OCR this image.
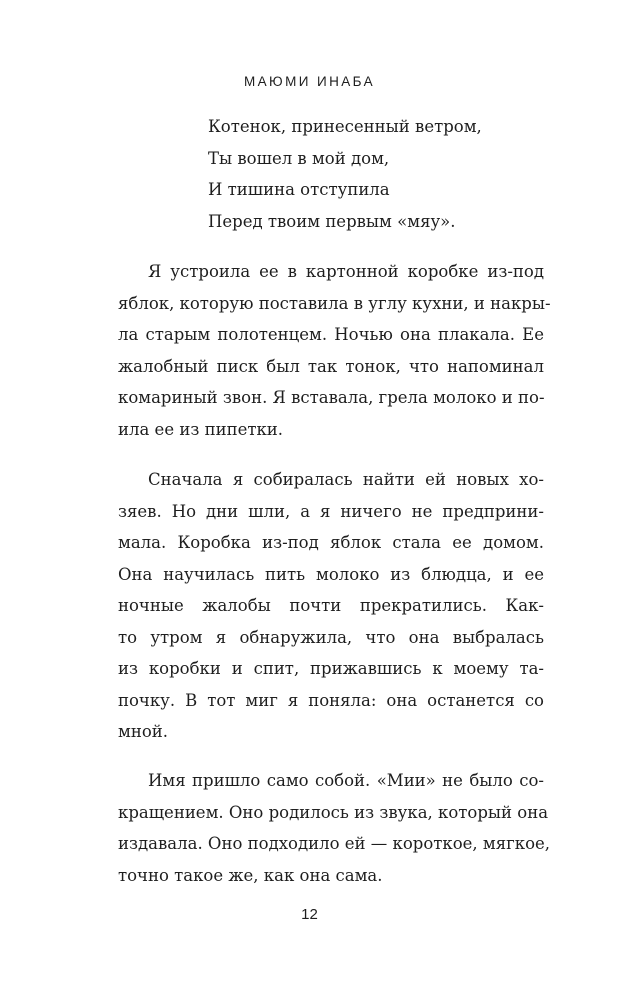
МАЮМИ ИНАБА
Котенок, принесенный ветром,
Ты вошел в мой дом,
И тишина отступила
Перед твоим первым «мяу».
Я устроила ее в картонной коробке из-под
яблок, которую поставила в углу кухни, и накры-
ла старым полотенцем. Ночью она плакала. Ее
жалобный писк был так тонок, что напоминал
комариный звон. Я вставала, грела молоко и по-
ила ее из пипетки.
Сначала я собиралась найти ей новых хо-
зяев. Но дни шли, а я ничего не предприни-
мала. Коробка из-под яблок стала ее домом.
Она научилась пить молоко из блюдца, и ее
ночные жалобы почти прекратились. Как-
то утром я обнаружила, что она выбралась
из коробки и спит, прижавшись к моему та-
почку. В тот миг я поняла: она останется со
мной.
Имя пришло само собой. «Мии» не было со-
кращением. Оно родилось из звука, который она
издавала. Оно подходило ей — короткое, мягкое,
точно такое же, как она сама.
12
